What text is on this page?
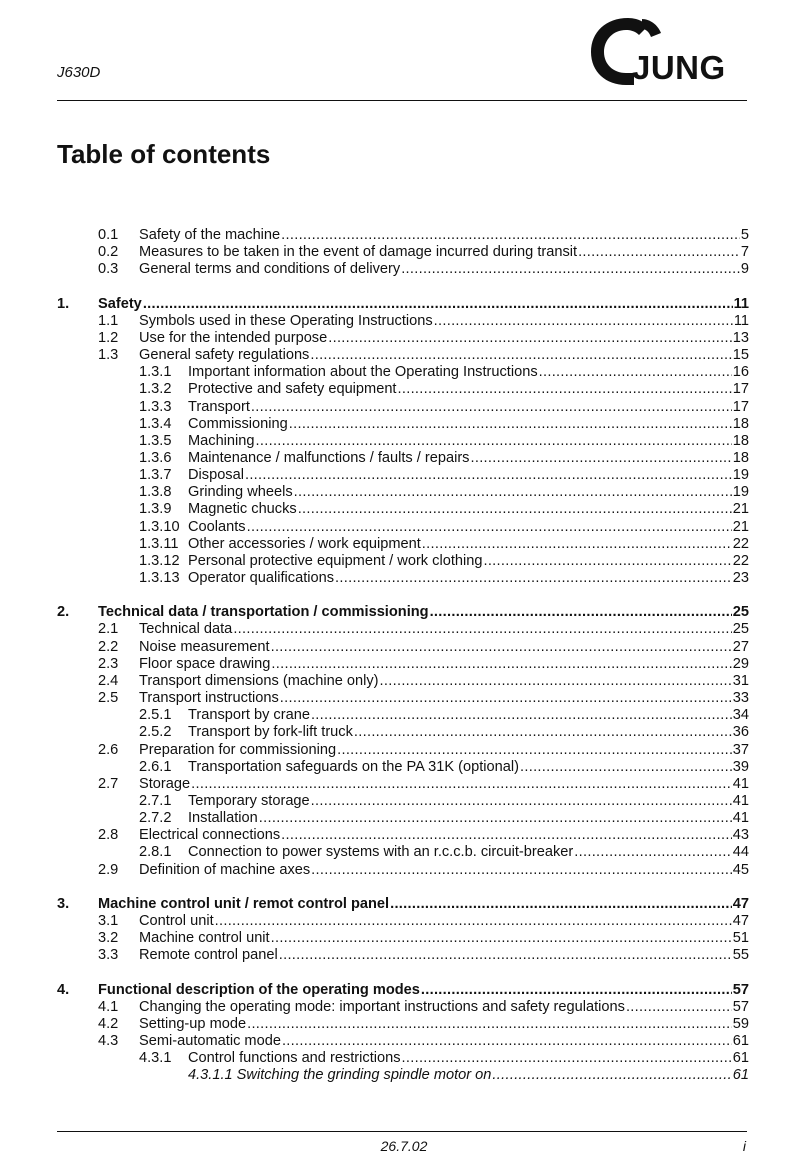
J630D	JUNG
Table of contents
0.1 Safety of the machine .....	5
0.2 Measures to be taken in the event of damage incurred during transit .....	7
0.3 General terms and conditions of delivery .....	9
1. Safety .....	11
1.1 Symbols used in these Operating Instructions .....	11
1.2 Use for the intended purpose .....	13
1.3 General safety regulations .....	15
1.3.1 Important information about the Operating Instructions .....	16
1.3.2 Protective and safety equipment .....	17
1.3.3 Transport .....	17
1.3.4 Commissioning .....	18
1.3.5 Machining .....	18
1.3.6 Maintenance / malfunctions / faults / repairs .....	18
1.3.7 Disposal .....	19
1.3.8 Grinding wheels .....	19
1.3.9 Magnetic chucks .....	21
1.3.10 Coolants .....	21
1.3.11 Other accessories / work equipment .....	22
1.3.12 Personal protective equipment / work clothing .....	22
1.3.13 Operator qualifications .....	23
2. Technical data / transportation / commissioning .....	25
2.1 Technical data .....	25
2.2 Noise measurement .....	27
2.3 Floor space drawing .....	29
2.4 Transport dimensions (machine only) .....	31
2.5 Transport instructions .....	33
2.5.1 Transport by crane .....	34
2.5.2 Transport by fork-lift truck .....	36
2.6 Preparation for commissioning .....	37
2.6.1 Transportation safeguards on the PA 31K (optional) .....	39
2.7 Storage .....	41
2.7.1 Temporary storage .....	41
2.7.2 Installation .....	41
2.8 Electrical connections .....	43
2.8.1 Connection to power systems with an r.c.c.b. circuit-breaker .....	44
2.9 Definition of machine axes .....	45
3. Machine control unit / remot control panel .....	47
3.1 Control unit .....	47
3.2 Machine control unit .....	51
3.3 Remote control panel .....	55
4. Functional description of the operating modes .....	57
4.1 Changing the operating mode: important instructions and safety regulations .....	57
4.2 Setting-up mode .....	59
4.3 Semi-automatic mode .....	61
4.3.1 Control functions and restrictions .....	61
4.3.1.1 Switching the grinding spindle motor on .....	61
26.7.02	i
